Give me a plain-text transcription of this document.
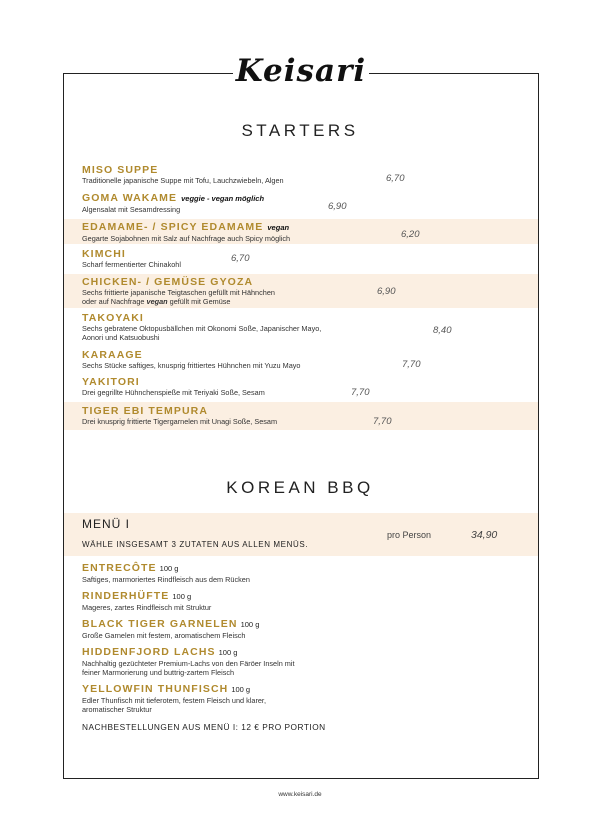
Keisari
STARTERS
MISO SUPPE
Traditionelle japanische Suppe mit Tofu, Lauchzwiebeln, Algen	6,70
GOMA WAKAME veggie - vegan möglich
Algensalat mit Sesamdressing	6,90
EDAMAME- / SPICY EDAMAME vegan
Gegarte Sojabohnen mit Salz auf Nachfrage auch Spicy möglich	6,20
KIMCHI
Scharf fermentierter Chinakohl
6,70
CHICKEN- / GEMÜSE GYOZA
Sechs frittierte japanische Teigtaschen gefüllt mit Hähnchen
oder auf Nachfrage vegan gefüllt mit Gemüse
6,90
TAKOYAKI
Sechs gebratene Oktopusbällchen mit Okonomi Soße, Japanischer Mayo,
Aonori und Katsuobushi
8,40
KARAAGE
Sechs Stücke saftiges, knusprig frittiertes Hühnchen mit Yuzu Mayo	7,70
YAKITORI
Drei gegrillte Hühnchenspieße mit Teriyaki Soße, Sesam	7,70
TIGER EBI TEMPURA
Drei knusprig frittierte Tigergarnelen mit Unagi Soße, Sesam	7,70
KOREAN BBQ
MENÜ I
WÄHLE INSGESAMT 3 ZUTATEN AUS ALLEN MENÜS.
pro Person	34,90
ENTRECÔTE 100 g
Saftiges, marmoriertes Rindfleisch aus dem Rücken
RINDERHÜFTE 100 g
Mageres, zartes Rindfleisch mit Struktur
BLACK TIGER GARNELEN 100 g
Große Garnelen mit festem, aromatischem Fleisch
HIDDENFJORD LACHS 100 g
Nachhaltig gezüchteter Premium-Lachs von den Färöer Inseln mit
feiner Marmorierung und buttrig-zartem Fleisch
YELLOWFIN THUNFISCH 100 g
Edler Thunfisch mit tieferotem, festem Fleisch und klarer,
aromatischer Struktur
NACHBESTELLUNGEN AUS MENÜ I: 12 € PRO PORTION
www.keisari.de
